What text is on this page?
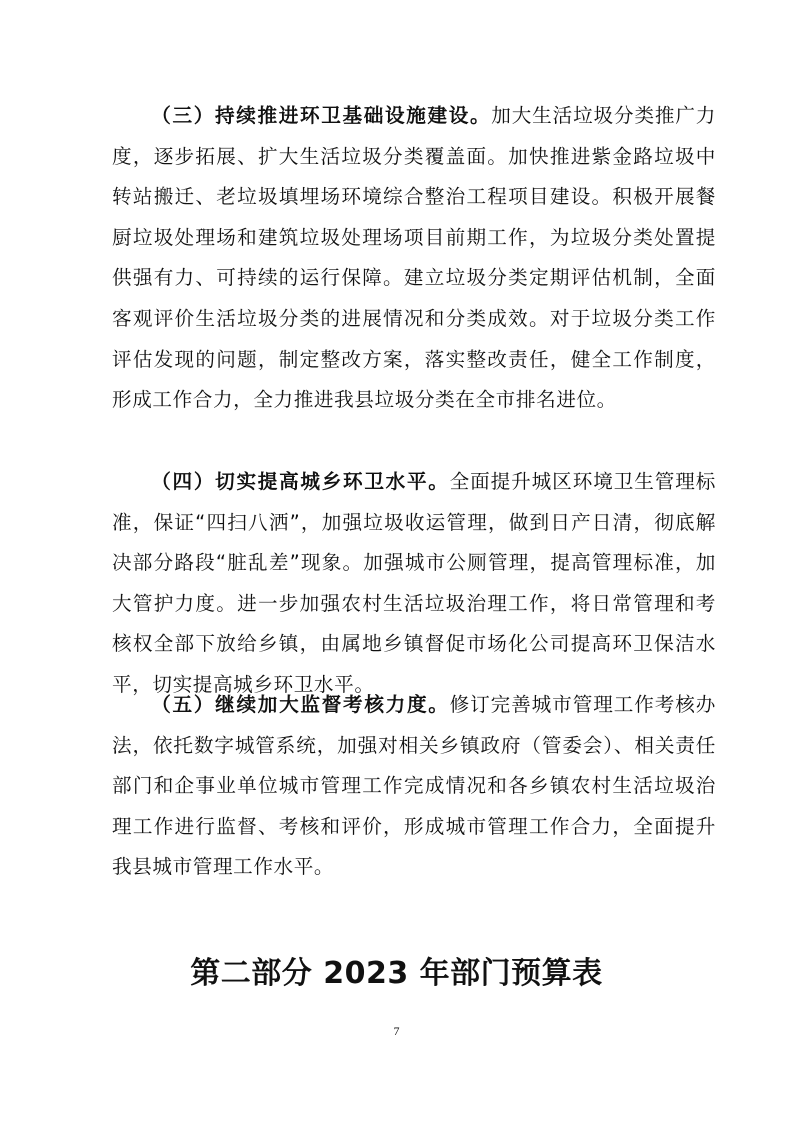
（三）持续推进环卫基础设施建设。加大生活垃圾分类推广力度，逐步拓展、扩大生活垃圾分类覆盖面。加快推进紫金路垃圾中转站搬迁、老垃圾填埋场环境综合整治工程项目建设。积极开展餐厨垃圾处理场和建筑垃圾处理场项目前期工作，为垃圾分类处置提供强有力、可持续的运行保障。建立垃圾分类定期评估机制，全面客观评价生活垃圾分类的进展情况和分类成效。对于垃圾分类工作评估发现的问题，制定整改方案，落实整改责任，健全工作制度，形成工作合力，全力推进我县垃圾分类在全市排名进位。

（四）切实提高城乡环卫水平。全面提升城区环境卫生管理标准，保证“四扫八洒”，加强垃圾收运管理，做到日产日清，彻底解决部分路段“脏乱差”现象。加强城市公厕管理，提高管理标准，加大管护力度。进一步加强农村生活垃圾治理工作，将日常管理和考核权全部下放给乡镇，由属地乡镇督促市场化公司提高环卫保洁水平，切实提高城乡环卫水平。

（五）继续加大监督考核力度。修订完善城市管理工作考核办法，依托数字城管系统，加强对相关乡镇政府（管委会）、相关责任部门和企事业单位城市管理工作完成情况和各乡镇农村生活垃圾治理工作进行监督、考核和评价，形成城市管理工作合力，全面提升我县城市管理工作水平。

第二部分 2023 年部门预算表
7
